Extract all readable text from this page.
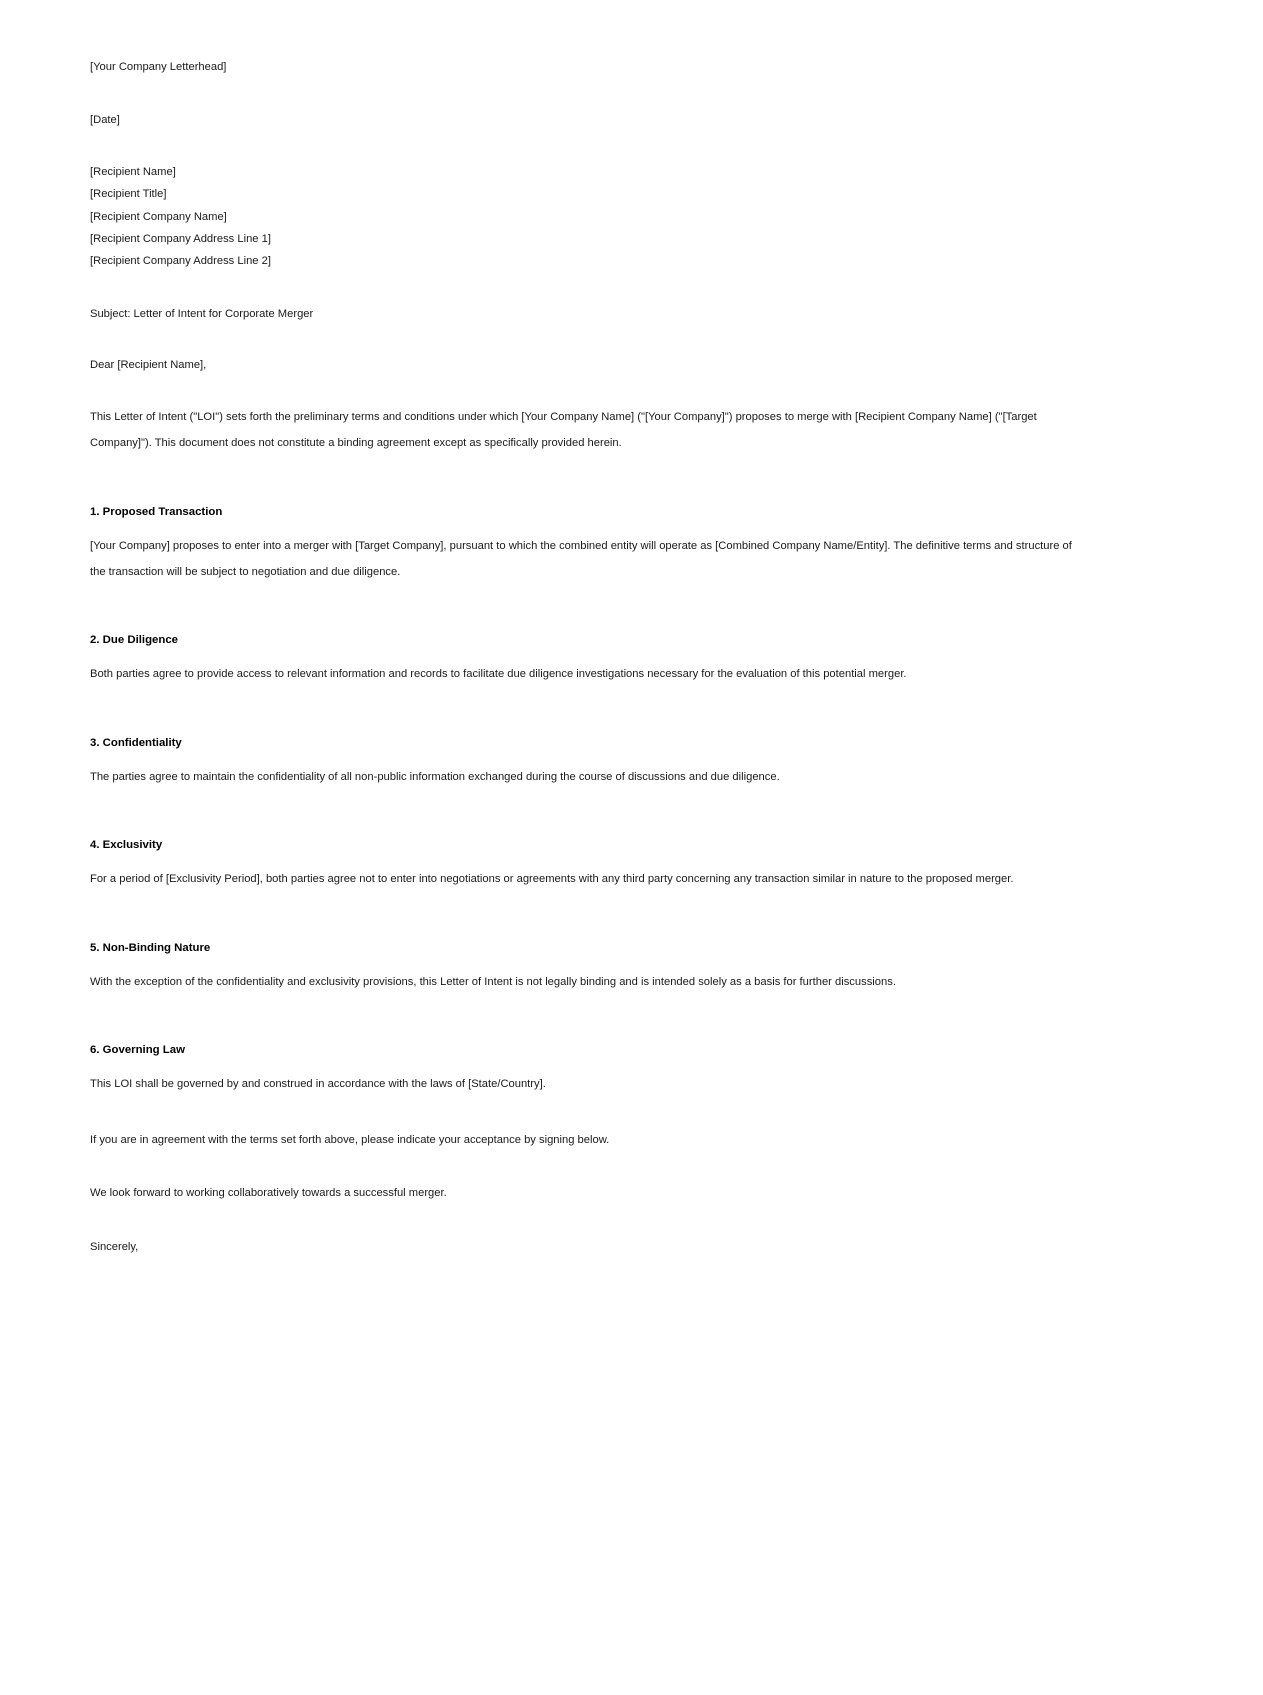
[Your Company Letterhead]
[Date]
[Recipient Name]
[Recipient Title]
[Recipient Company Name]
[Recipient Company Address Line 1]
[Recipient Company Address Line 2]
Subject: Letter of Intent for Corporate Merger
Dear [Recipient Name],
This Letter of Intent ("LOI") sets forth the preliminary terms and conditions under which [Your Company Name] ("[Your Company]") proposes to merge with [Recipient Company Name] ("[Target Company]"). This document does not constitute a binding agreement except as specifically provided herein.
1. Proposed Transaction
[Your Company] proposes to enter into a merger with [Target Company], pursuant to which the combined entity will operate as [Combined Company Name/Entity]. The definitive terms and structure of the transaction will be subject to negotiation and due diligence.
2. Due Diligence
Both parties agree to provide access to relevant information and records to facilitate due diligence investigations necessary for the evaluation of this potential merger.
3. Confidentiality
The parties agree to maintain the confidentiality of all non-public information exchanged during the course of discussions and due diligence.
4. Exclusivity
For a period of [Exclusivity Period], both parties agree not to enter into negotiations or agreements with any third party concerning any transaction similar in nature to the proposed merger.
5. Non-Binding Nature
With the exception of the confidentiality and exclusivity provisions, this Letter of Intent is not legally binding and is intended solely as a basis for further discussions.
6. Governing Law
This LOI shall be governed by and construed in accordance with the laws of [State/Country].
If you are in agreement with the terms set forth above, please indicate your acceptance by signing below.
We look forward to working collaboratively towards a successful merger.
Sincerely,
